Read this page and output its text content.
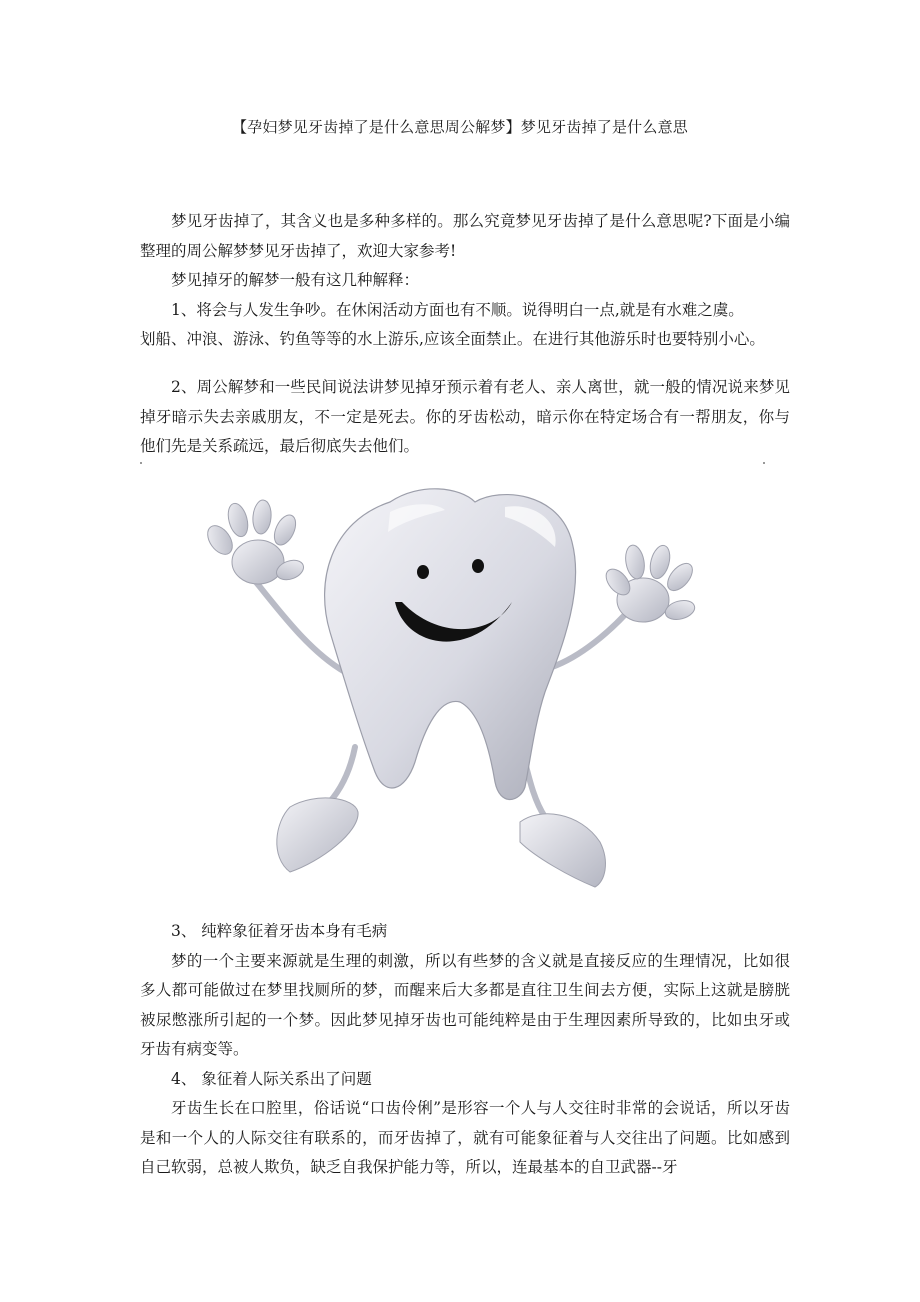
【孕妇梦见牙齿掉了是什么意思周公解梦】梦见牙齿掉了是什么意思

梦见牙齿掉了，其含义也是多种多样的。那么究竟梦见牙齿掉了是什么意思呢?下面是小编整理的周公解梦梦见牙齿掉了，欢迎大家参考!

梦见掉牙的解梦一般有这几种解释：

1、将会与人发生争吵。在休闲活动方面也有不顺。说得明白一点,就是有水难之虞。

划船、冲浪、游泳、钓鱼等等的水上游乐,应该全面禁止。在进行其他游乐时也要特别小心。

2、周公解梦和一些民间说法讲梦见掉牙预示着有老人、亲人离世，就一般的情况说来梦见掉牙暗示失去亲戚朋友，不一定是死去。你的牙齿松动，暗示你在特定场合有一帮朋友，你与他们先是关系疏远，最后彻底失去他们。

3、 纯粹象征着牙齿本身有毛病

梦的一个主要来源就是生理的刺激，所以有些梦的含义就是直接反应的生理情况，比如很多人都可能做过在梦里找厕所的梦，而醒来后大多都是直往卫生间去方便，实际上这就是膀胱被尿憋涨所引起的一个梦。因此梦见掉牙齿也可能纯粹是由于生理因素所导致的，比如虫牙或牙齿有病变等。

4、 象征着人际关系出了问题

牙齿生长在口腔里，俗话说“口齿伶俐”是形容一个人与人交往时非常的会说话，所以牙齿是和一个人的人际交往有联系的，而牙齿掉了，就有可能象征着与人交往出了问题。比如感到自己软弱，总被人欺负，缺乏自我保护能力等，所以，连最基本的自卫武器--牙
